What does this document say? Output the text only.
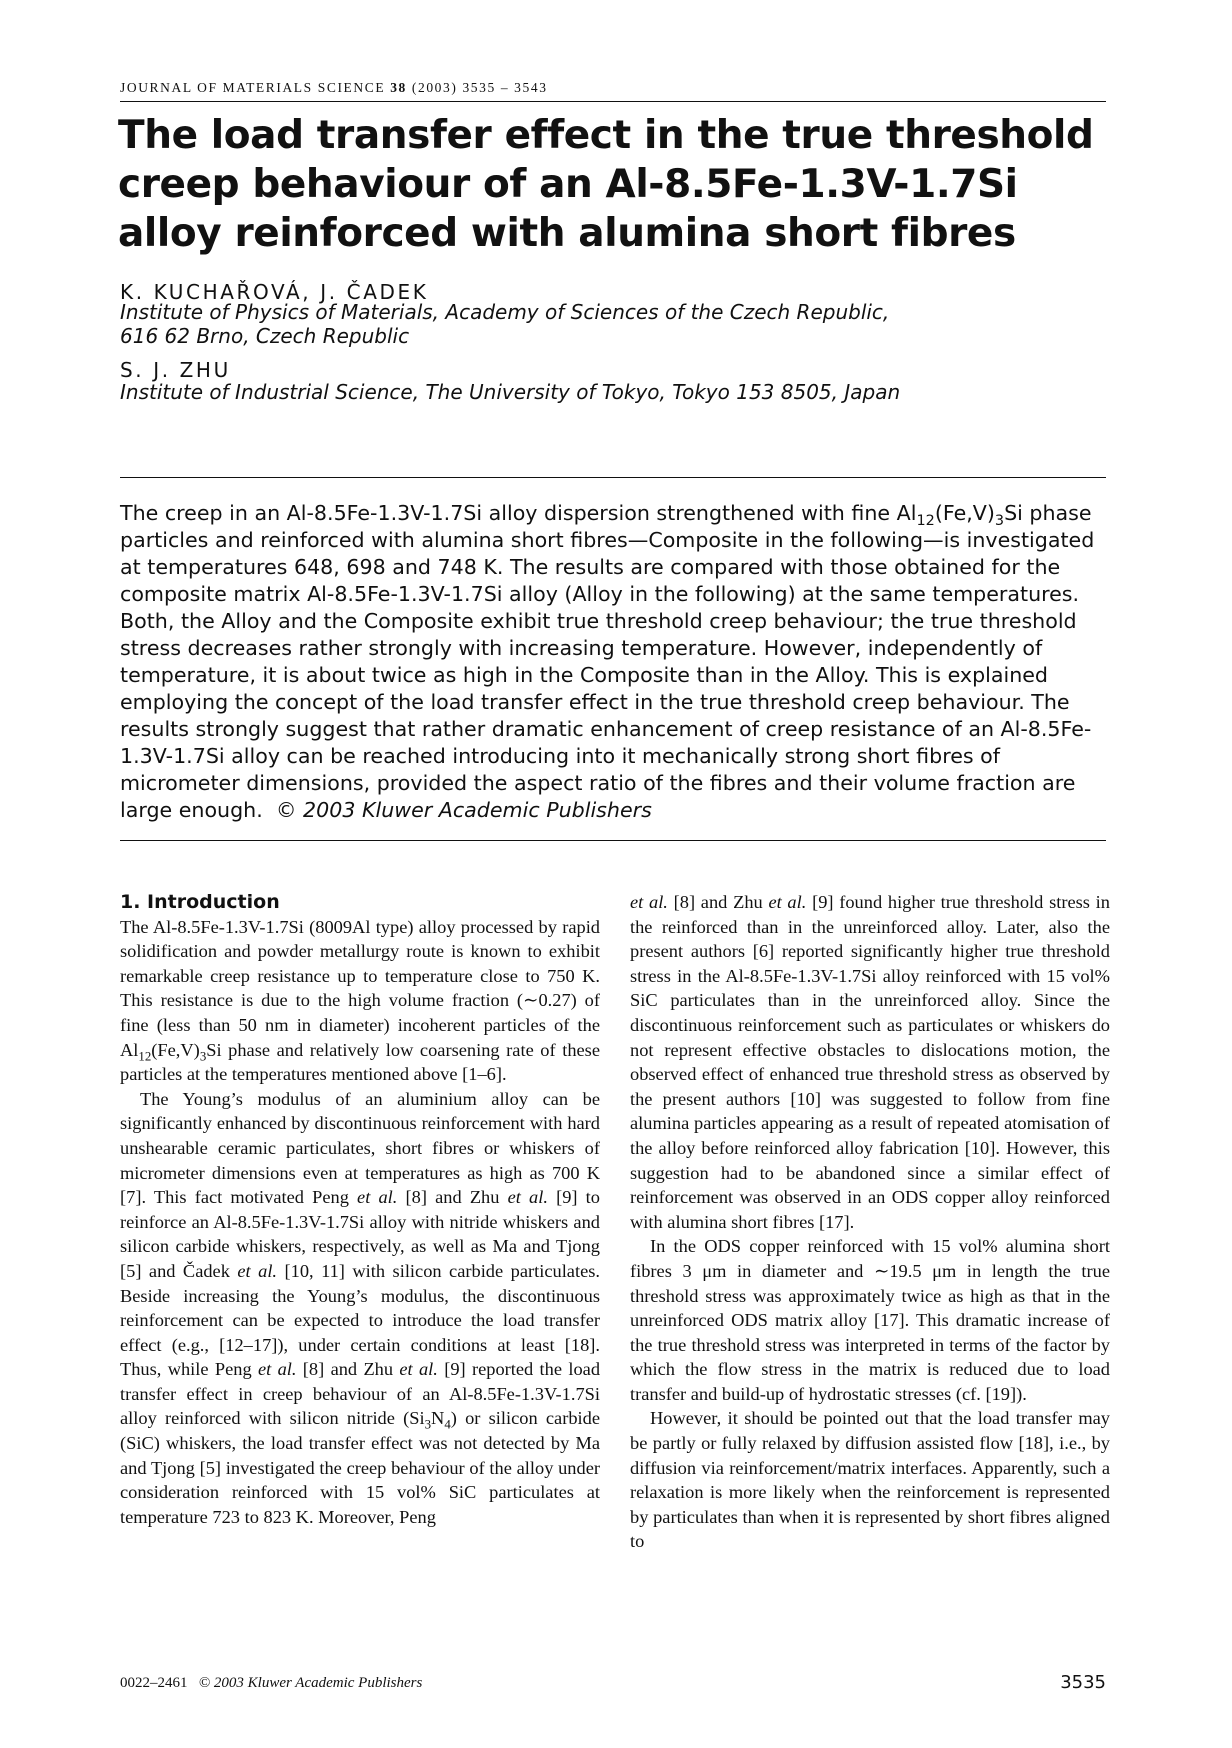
JOURNAL OF MATERIALS SCIENCE 38 (2003) 3535 – 3543
The load transfer effect in the true threshold creep behaviour of an Al-8.5Fe-1.3V-1.7Si alloy reinforced with alumina short fibres
K. KUCHAŘOVÁ, J. ČADEK
Institute of Physics of Materials, Academy of Sciences of the Czech Republic,
616 62 Brno, Czech Republic
S. J. ZHU
Institute of Industrial Science, The University of Tokyo, Tokyo 153 8505, Japan

The creep in an Al-8.5Fe-1.3V-1.7Si alloy dispersion strengthened with fine $Al_{12}(Fe,V)_3Si$ phase particles and reinforced with alumina short fibres—Composite in the following—is investigated at temperatures 648, 698 and 748 K. The results are compared with those obtained for the composite matrix Al-8.5Fe-1.3V-1.7Si alloy (Alloy in the following) at the same temperatures. Both, the Alloy and the Composite exhibit true threshold creep behaviour; the true threshold stress decreases rather strongly with increasing temperature. However, independently of temperature, it is about twice as high in the Composite than in the Alloy. This is explained employing the concept of the load transfer effect in the true threshold creep behaviour. The results strongly suggest that rather dramatic enhancement of creep resistance of an Al-8.5Fe-1.3V-1.7Si alloy can be reached introducing into it mechanically strong short fibres of micrometer dimensions, provided the aspect ratio of the fibres and their volume fraction are large enough. © 2003 Kluwer Academic Publishers

1. Introduction

The Al-8.5Fe-1.3V-1.7Si (8009Al type) alloy processed by rapid solidification and powder metallurgy route is known to exhibit remarkable creep resistance up to temperature close to 750 K. This resistance is due to the high volume fraction (∼0.27) of fine (less than 50 nm in diameter) incoherent particles of the $Al_{12}(Fe,V)_3Si$ phase and relatively low coarsening rate of these particles at the temperatures mentioned above [1–6].

The Young’s modulus of an aluminium alloy can be significantly enhanced by discontinuous reinforcement with hard unshearable ceramic particulates, short fibres or whiskers of micrometer dimensions even at temperatures as high as 700 K [7]. This fact motivated Peng et al. [8] and Zhu et al. [9] to reinforce an Al-8.5Fe-1.3V-1.7Si alloy with nitride whiskers and silicon carbide whiskers, respectively, as well as Ma and Tjong [5] and Čadek et al. [10, 11] with silicon carbide particulates. Beside increasing the Young’s modulus, the discontinuous reinforcement can be expected to introduce the load transfer effect (e.g., [12–17]), under certain conditions at least [18]. Thus, while Peng et al. [8] and Zhu et al. [9] reported the load transfer effect in creep behaviour of an Al-8.5Fe-1.3V-1.7Si alloy reinforced with silicon nitride $(Si_3N_4)$ or silicon carbide (SiC) whiskers, the load transfer effect was not detected by Ma and Tjong [5] investigated the creep behaviour of the alloy under consideration reinforced with 15 vol% SiC particulates at temperature 723 to 823 K. Moreover, Peng

et al. [8] and Zhu et al. [9] found higher true threshold stress in the reinforced than in the unreinforced alloy. Later, also the present authors [6] reported significantly higher true threshold stress in the Al-8.5Fe-1.3V-1.7Si alloy reinforced with 15 vol% SiC particulates than in the unreinforced alloy. Since the discontinuous reinforcement such as particulates or whiskers do not represent effective obstacles to dislocations motion, the observed effect of enhanced true threshold stress as observed by the present authors [10] was suggested to follow from fine alumina particles appearing as a result of repeated atomisation of the alloy before reinforced alloy fabrication [10]. However, this suggestion had to be abandoned since a similar effect of reinforcement was observed in an ODS copper alloy reinforced with alumina short fibres [17].

In the ODS copper reinforced with 15 vol% alumina short fibres 3 μm in diameter and ∼19.5 μm in length the true threshold stress was approximately twice as high as that in the unreinforced ODS matrix alloy [17]. This dramatic increase of the true threshold stress was interpreted in terms of the factor by which the flow stress in the matrix is reduced due to load transfer and build-up of hydrostatic stresses (cf. [19]).

However, it should be pointed out that the load transfer may be partly or fully relaxed by diffusion assisted flow [18], i.e., by diffusion via reinforcement/matrix interfaces. Apparently, such a relaxation is more likely when the reinforcement is represented by particulates than when it is represented by short fibres aligned to

0022–2461 © 2003 Kluwer Academic Publishers	3535
